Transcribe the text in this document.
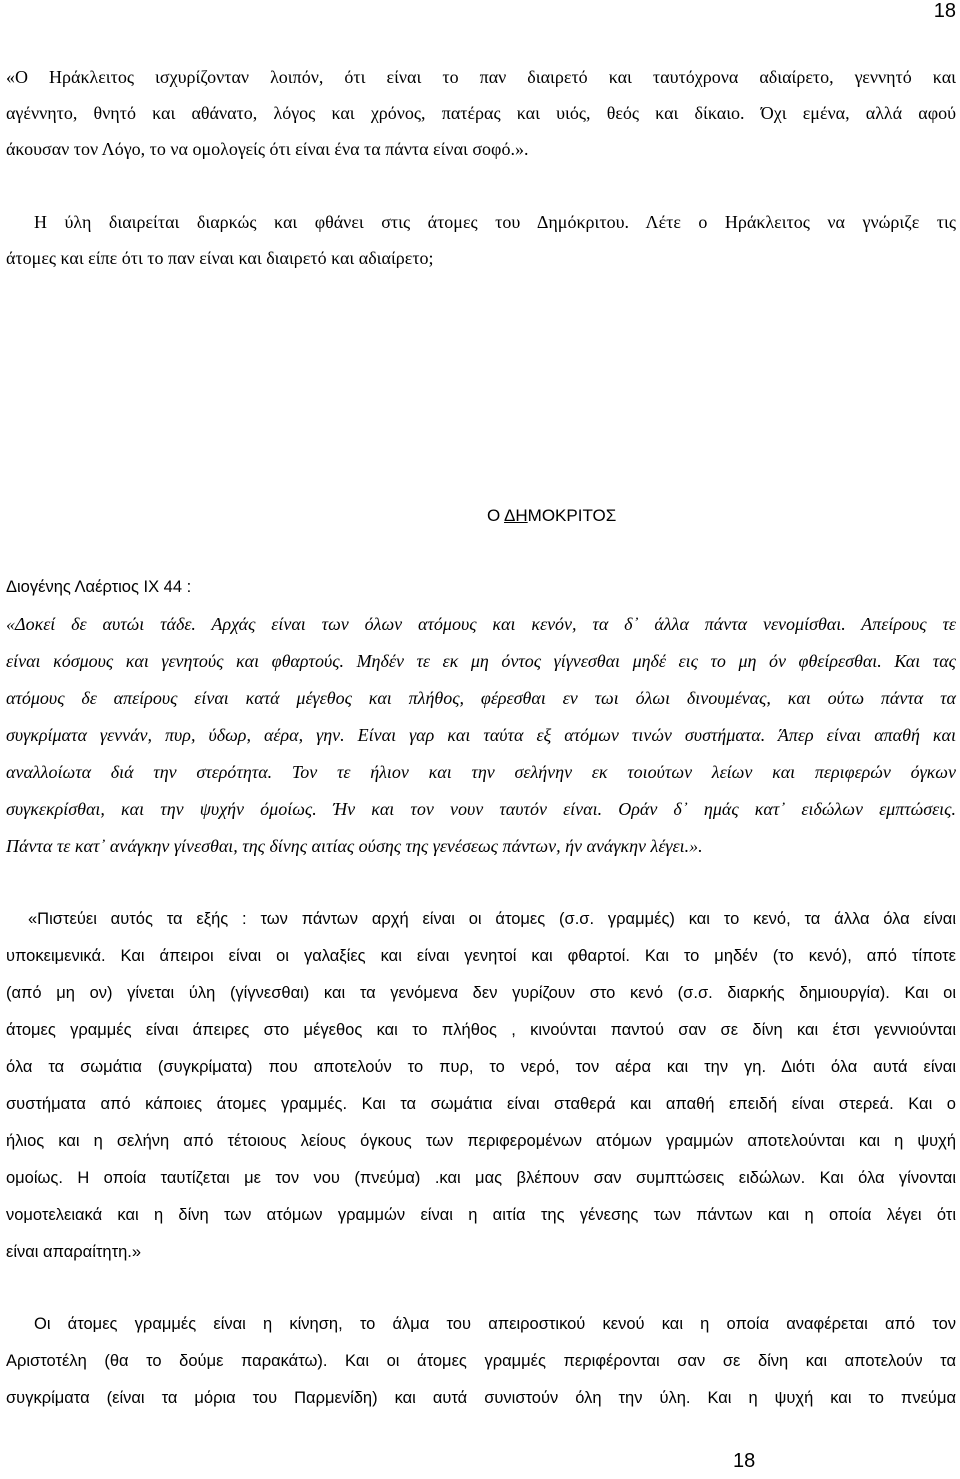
18
«Ο Ηράκλειτος ισχυρίζονταν λοιπόν, ότι είναι το παν διαιρετό και ταυτόχρονα αδιαίρετο, γεννητό και
αγέννητο, θνητό και αθάνατο, λόγος και χρόνος, πατέρας και υιός, θεός και δίκαιο. Όχι εμένα, αλλά αφού
άκουσαν τον Λόγο, το να ομολογείς ότι είναι ένα τα πάντα είναι σοφό.».
Η ύλη διαιρείται διαρκώς και φθάνει στις άτομες του Δημόκριτου. Λέτε ο Ηράκλειτος να γνώριζε τις
άτομες και είπε ότι το παν είναι και διαιρετό και αδιαίρετο;
Ο ΔΗΜΟΚΡΙΤΟΣ
Διογένης Λαέρτιος IX 44 :
«Δοκεί δε αυτώι τάδε. Αρχάς είναι των όλων ατόμους και κενόν, τα δ᾽ άλλα πάντα νενομίσθαι. Απείρους τε
είναι κόσμους και γενητούς και φθαρτούς. Μηδέν τε εκ μη όντος γίγνεσθαι μηδέ εις το μη όν φθείρεσθαι. Και τας
ατόμους δε απείρους είναι κατά μέγεθος και πλήθος, φέρεσθαι εν τωι όλωι δινουμένας, και ούτω πάντα τα
συγκρίματα γεννάν, πυρ, ύδωρ, αέρα, γην. Είναι γαρ και ταύτα εξ ατόμων τινών συστήματα. Άπερ είναι απαθή και
αναλλοίωτα διά την στερότητα. Τον τε ήλιον και την σελήνην εκ τοιούτων λείων και περιφερών όγκων
συγκεκρίσθαι, και την ψυχήν όμοίως. Ήν και τον νουν ταυτόν είναι. Οράν δ᾽ ημάς κατ᾽ ειδώλων εμπτώσεις.
Πάντα τε κατ᾽ ανάγκην γίνεσθαι, της δίνης αιτίας ούσης της γενέσεως πάντων, ήν ανάγκην λέγει.».
«Πιστεύει αυτός τα εξής : των πάντων αρχή είναι οι άτομες (σ.σ. γραμμές) και το κενό, τα άλλα όλα είναι
υποκειμενικά. Και άπειροι είναι οι γαλαξίες και είναι γενητοί και φθαρτοί. Και το μηδέν (το κενό), από τίποτε
(από μη ον) γίνεται ύλη (γίγνεσθαι) και τα γενόμενα δεν γυρίζουν στο κενό (σ.σ. διαρκής δημιουργία). Και οι
άτομες γραμμές είναι άπειρες στο μέγεθος και το πλήθος , κινούνται παντού σαν σε δίνη και έτσι γεννιούνται
όλα τα σωμάτια (συγκρίματα) που αποτελούν το πυρ, το νερό, τον αέρα και την γη. Διότι όλα αυτά είναι
συστήματα από κάποιες άτομες γραμμές. Και τα σωμάτια είναι σταθερά και απαθή επειδή είναι στερεά. Και ο
ήλιος και η σελήνη από τέτοιους λείους όγκους των περιφερομένων ατόμων γραμμών αποτελούνται και η ψυχή
ομοίως. Η οποία ταυτίζεται με τον νου (πνεύμα) .και μας βλέπουν σαν συμπτώσεις ειδώλων. Και όλα γίνονται
νομοτελειακά και η δίνη των ατόμων γραμμών είναι η αιτία της γένεσης των πάντων και η οποία λέγει ότι
είναι απαραίτητη.»
Οι άτομες γραμμές είναι η κίνηση, το άλμα του απειροστικού κενού και η οποία αναφέρεται από τον
Αριστοτέλη (θα το δούμε παρακάτω). Και οι άτομες γραμμές περιφέρονται σαν σε δίνη και αποτελούν τα
συγκρίματα (είναι τα μόρια του Παρμενίδη) και αυτά συνιστούν όλη την ύλη. Και η ψυχή και το πνεύμα
18
